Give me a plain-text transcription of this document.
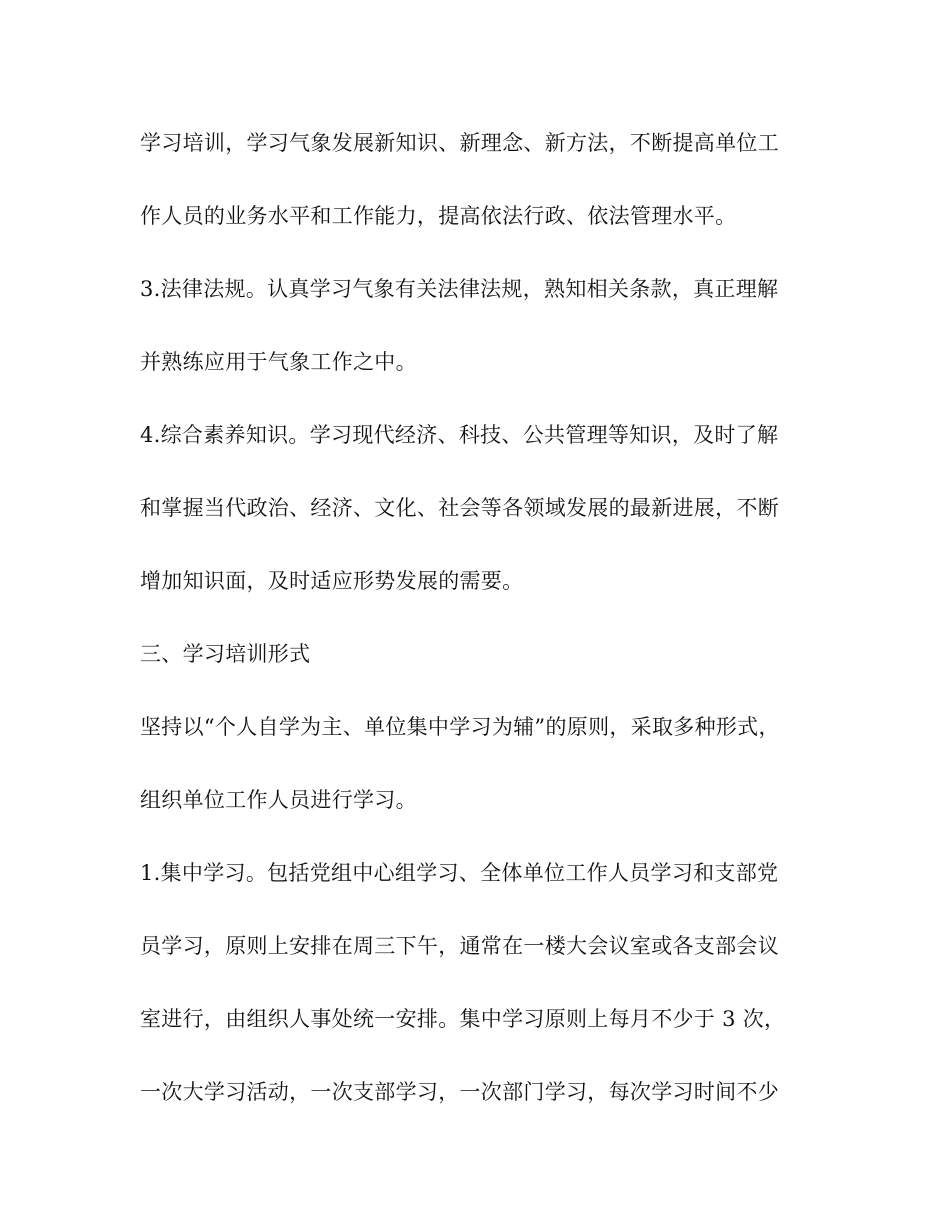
学习培训，学习气象发展新知识、新理念、新方法，不断提高单位工
作人员的业务水平和工作能力，提高依法行政、依法管理水平。
3.法律法规。认真学习气象有关法律法规，熟知相关条款，真正理解
并熟练应用于气象工作之中。
4.综合素养知识。学习现代经济、科技、公共管理等知识，及时了解
和掌握当代政治、经济、文化、社会等各领域发展的最新进展，不断
增加知识面，及时适应形势发展的需要。
三、学习培训形式
坚持以“个人自学为主、单位集中学习为辅”的原则，采取多种形式，
组织单位工作人员进行学习。
1.集中学习。包括党组中心组学习、全体单位工作人员学习和支部党
员学习，原则上安排在周三下午，通常在一楼大会议室或各支部会议
室进行，由组织人事处统一安排。集中学习原则上每月不少于 3 次，
一次大学习活动，一次支部学习，一次部门学习，每次学习时间不少
